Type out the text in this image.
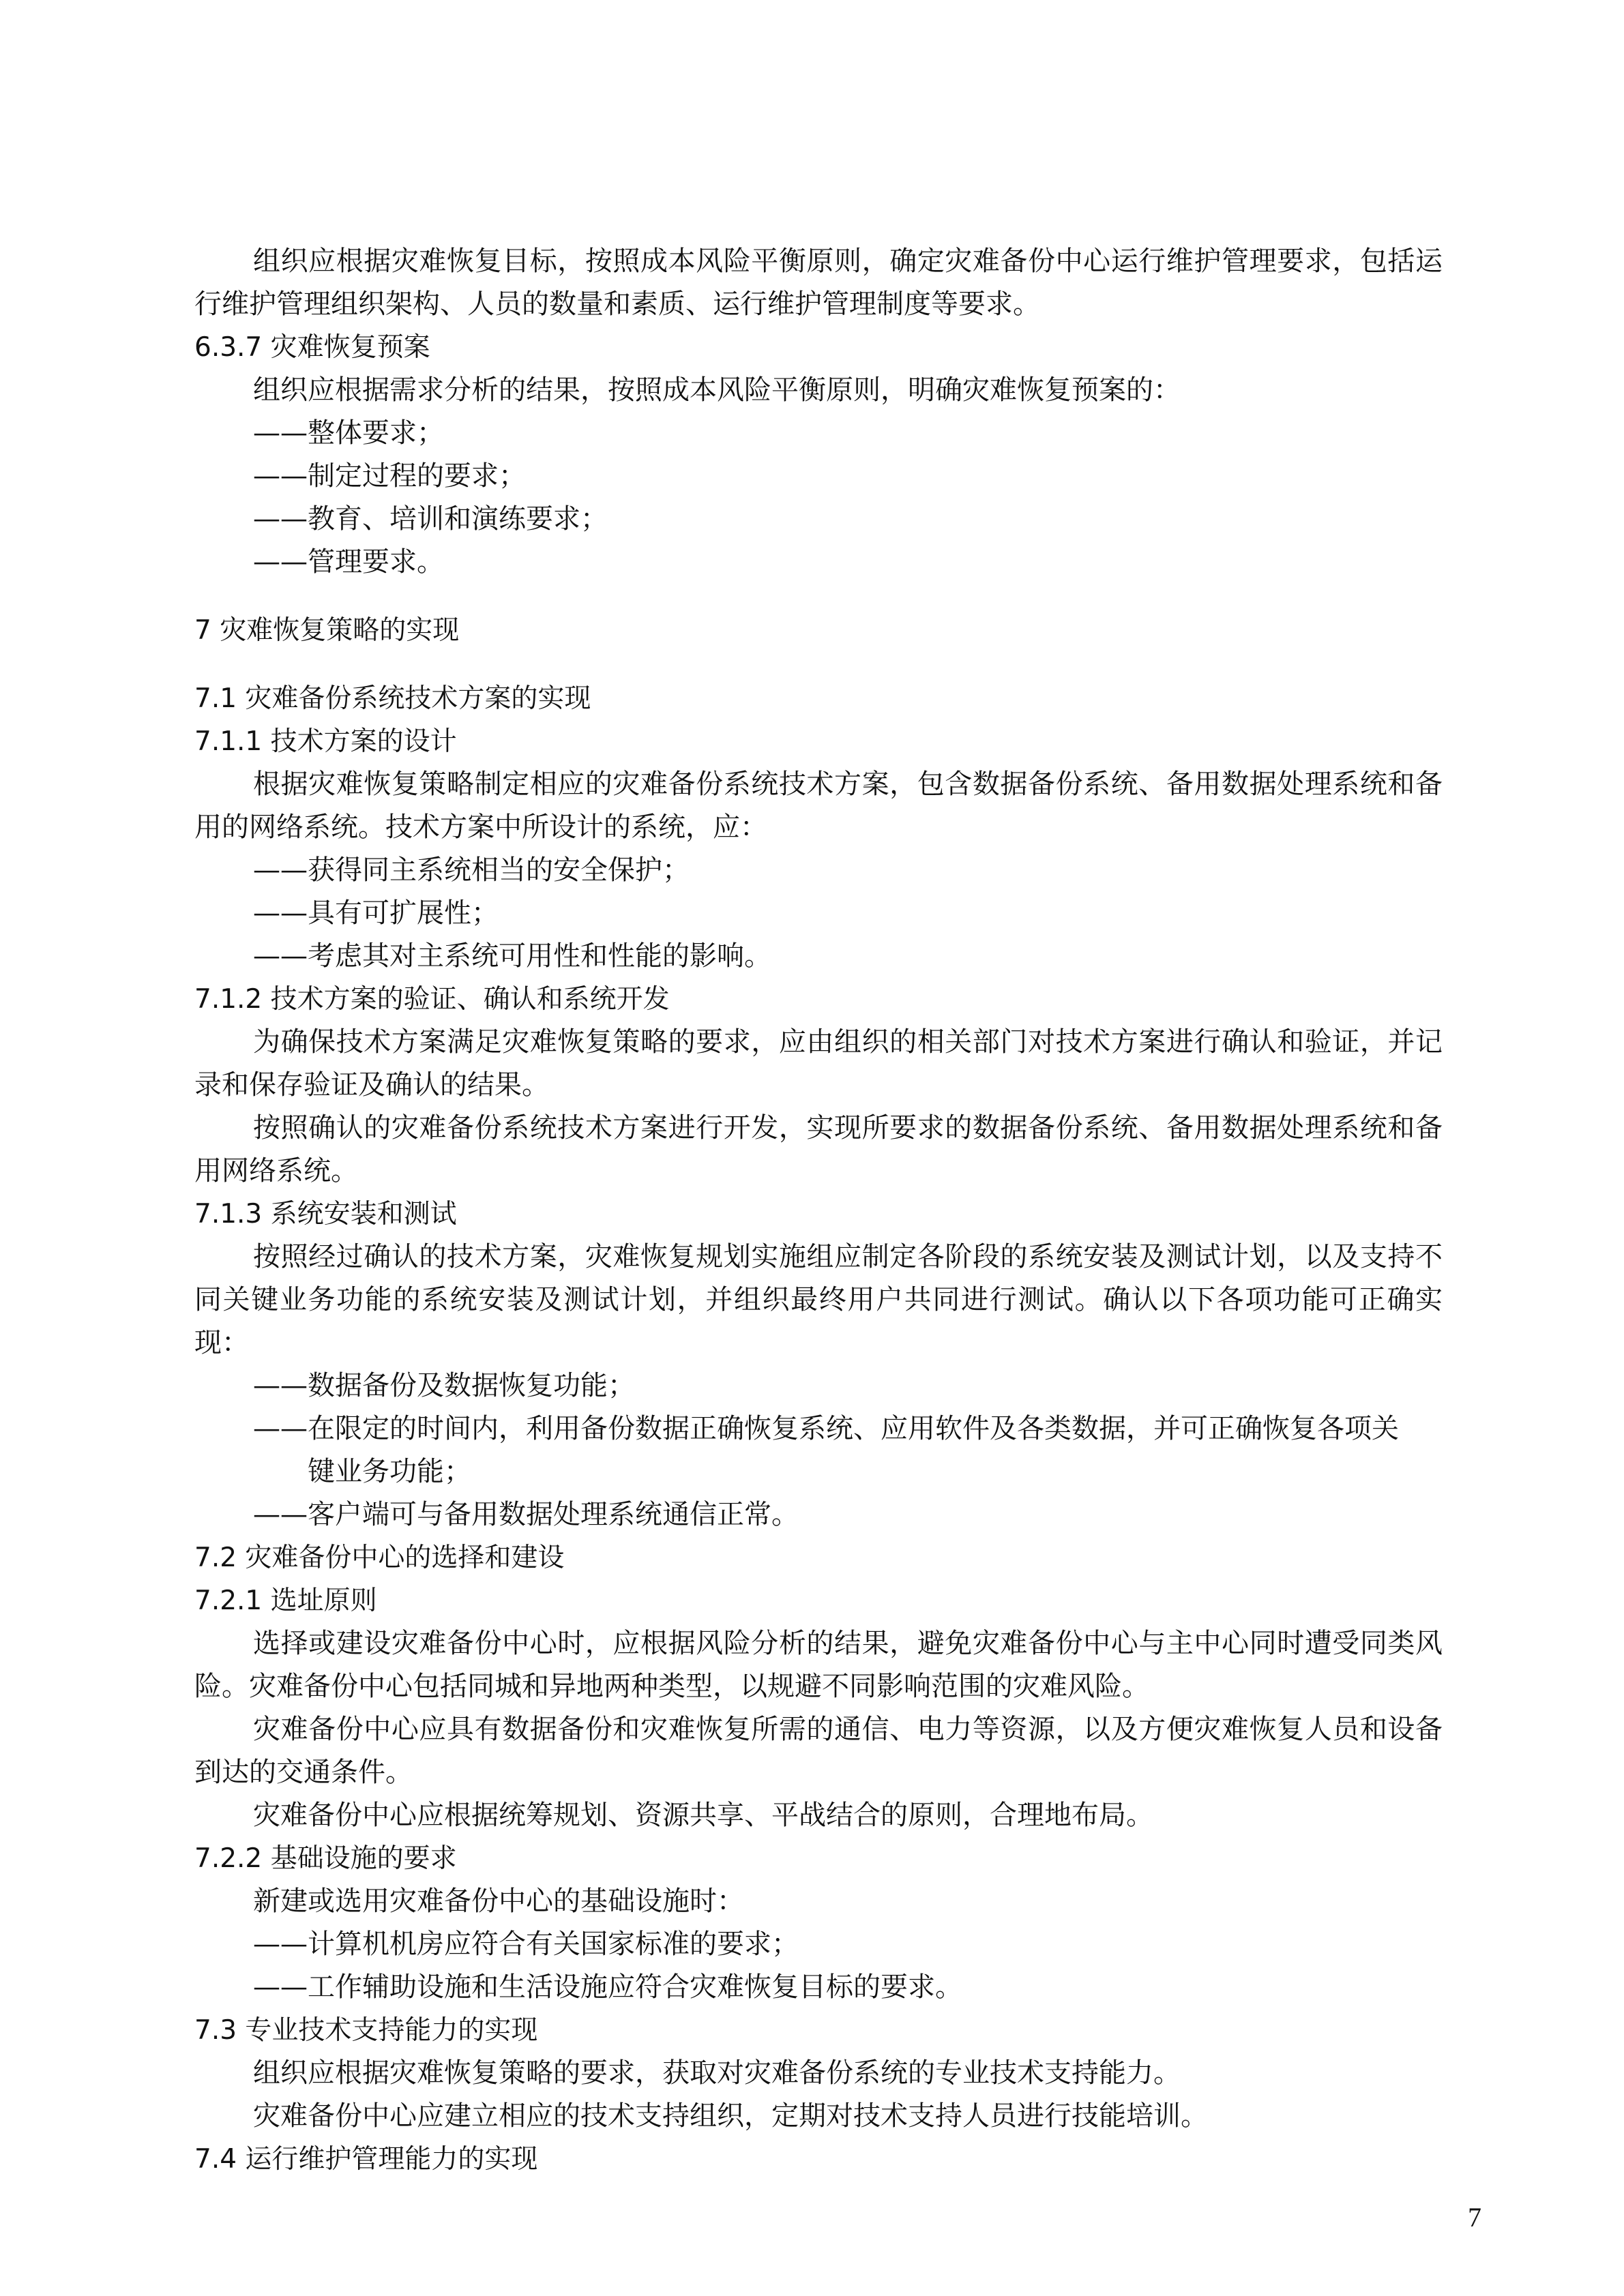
组织应根据灾难恢复目标，按照成本风险平衡原则，确定灾难备份中心运行维护管理要求，包括运行维护管理组织架构、人员的数量和素质、运行维护管理制度等要求。
6.3.7 灾难恢复预案
组织应根据需求分析的结果，按照成本风险平衡原则，明确灾难恢复预案的：
——整体要求；
——制定过程的要求；
——教育、培训和演练要求；
——管理要求。
7 灾难恢复策略的实现
7.1 灾难备份系统技术方案的实现
7.1.1 技术方案的设计
根据灾难恢复策略制定相应的灾难备份系统技术方案，包含数据备份系统、备用数据处理系统和备用的网络系统。技术方案中所设计的系统，应：
——获得同主系统相当的安全保护；
——具有可扩展性；
——考虑其对主系统可用性和性能的影响。
7.1.2 技术方案的验证、确认和系统开发
为确保技术方案满足灾难恢复策略的要求，应由组织的相关部门对技术方案进行确认和验证，并记录和保存验证及确认的结果。
按照确认的灾难备份系统技术方案进行开发，实现所要求的数据备份系统、备用数据处理系统和备用网络系统。
7.1.3 系统安装和测试
按照经过确认的技术方案，灾难恢复规划实施组应制定各阶段的系统安装及测试计划，以及支持不同关键业务功能的系统安装及测试计划，并组织最终用户共同进行测试。确认以下各项功能可正确实现：
——数据备份及数据恢复功能；
——在限定的时间内，利用备份数据正确恢复系统、应用软件及各类数据，并可正确恢复各项关
键业务功能；
——客户端可与备用数据处理系统通信正常。
7.2 灾难备份中心的选择和建设
7.2.1 选址原则
选择或建设灾难备份中心时，应根据风险分析的结果，避免灾难备份中心与主中心同时遭受同类风险。灾难备份中心包括同城和异地两种类型，以规避不同影响范围的灾难风险。
灾难备份中心应具有数据备份和灾难恢复所需的通信、电力等资源，以及方便灾难恢复人员和设备到达的交通条件。
灾难备份中心应根据统筹规划、资源共享、平战结合的原则，合理地布局。
7.2.2 基础设施的要求
新建或选用灾难备份中心的基础设施时：
——计算机机房应符合有关国家标准的要求；
——工作辅助设施和生活设施应符合灾难恢复目标的要求。
7.3 专业技术支持能力的实现
组织应根据灾难恢复策略的要求，获取对灾难备份系统的专业技术支持能力。
灾难备份中心应建立相应的技术支持组织，定期对技术支持人员进行技能培训。
7.4 运行维护管理能力的实现
7
